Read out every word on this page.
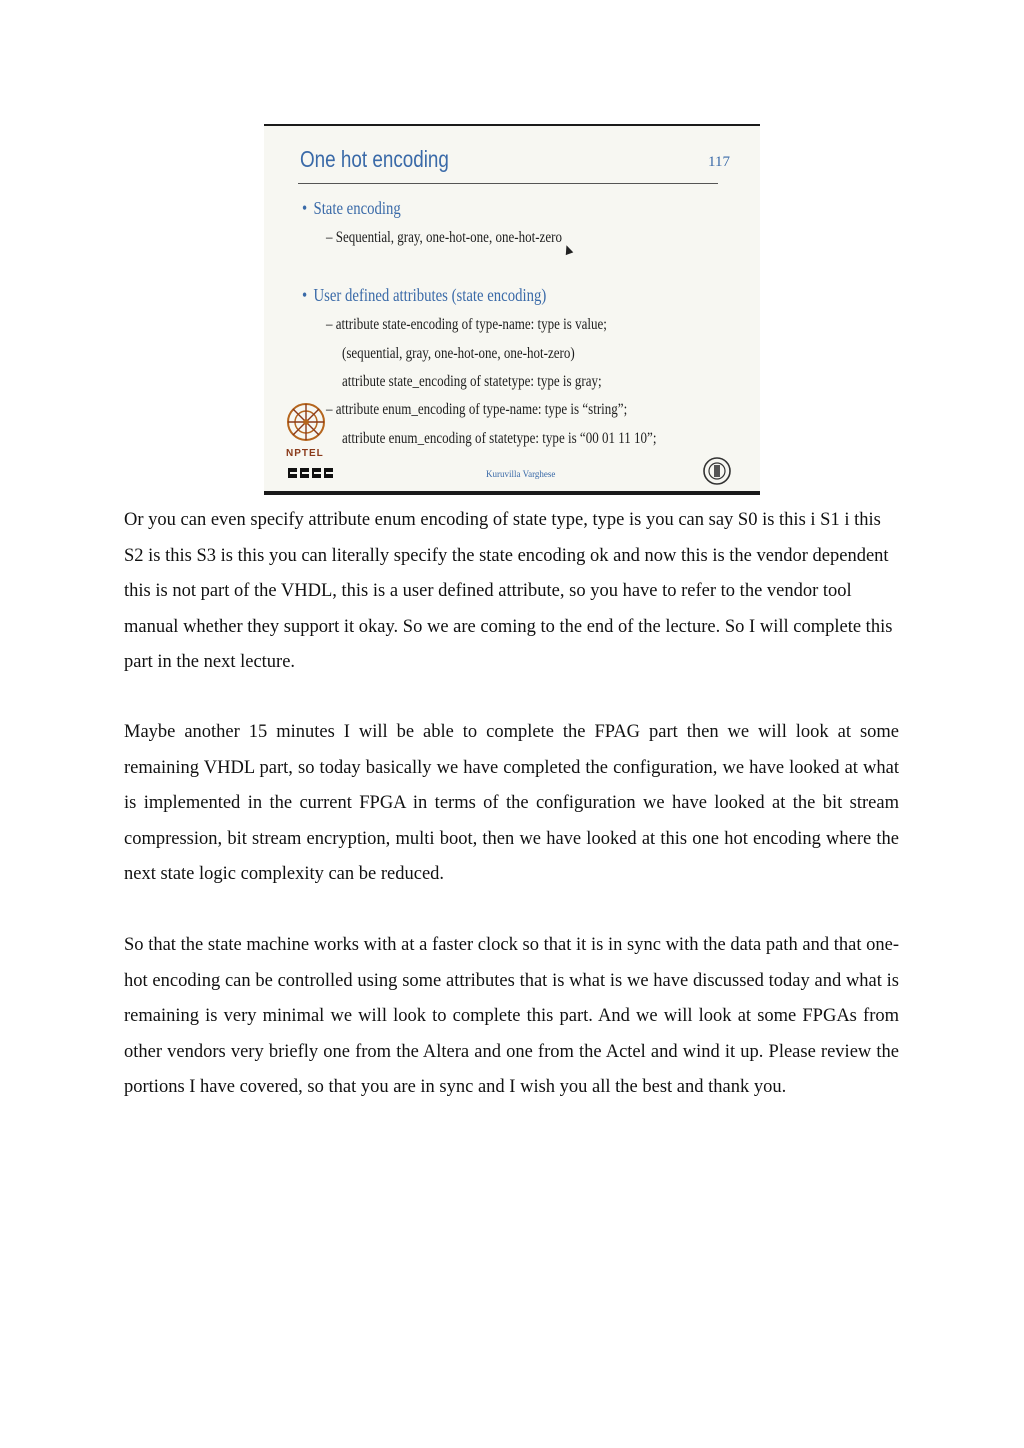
One hot encoding	117
• State encoding
– Sequential, gray, one-hot-one, one-hot-zero
• User defined attributes (state encoding)
– attribute state-encoding of type-name: type is value;
(sequential, gray, one-hot-one, one-hot-zero)
attribute state_encoding of statetype: type is gray;
– attribute enum_encoding of type-name: type is “string”;
attribute enum_encoding of statetype: type is “00 01 11 10”;
NPTEL
Kuruvilla Varghese

Or you can even specify attribute enum encoding of state type, type is you can say S0 is this i S1 i this S2 is this S3 is this you can literally specify the state encoding ok and now this is the vendor dependent this is not part of the VHDL, this is a user defined attribute, so you have to refer to the vendor tool manual whether they support it okay. So we are coming to the end of the lecture. So I will complete this part in the next lecture.

Maybe another 15 minutes I will be able to complete the FPAG part then we will look at some remaining VHDL part, so today basically we have completed the configuration, we have looked at what is implemented in the current FPGA in terms of the configuration we have looked at the bit stream compression, bit stream encryption, multi boot, then we have looked at this one hot encoding where the next state logic complexity can be reduced.

So that the state machine works with at a faster clock so that it is in sync with the data path and that one-hot encoding can be controlled using some attributes that is what is we have discussed today and what is remaining is very minimal we will look to complete this part. And we will look at some FPGAs from other vendors very briefly one from the Altera and one from the Actel and wind it up. Please review the portions I have covered, so that you are in sync and I wish you all the best and thank you.
